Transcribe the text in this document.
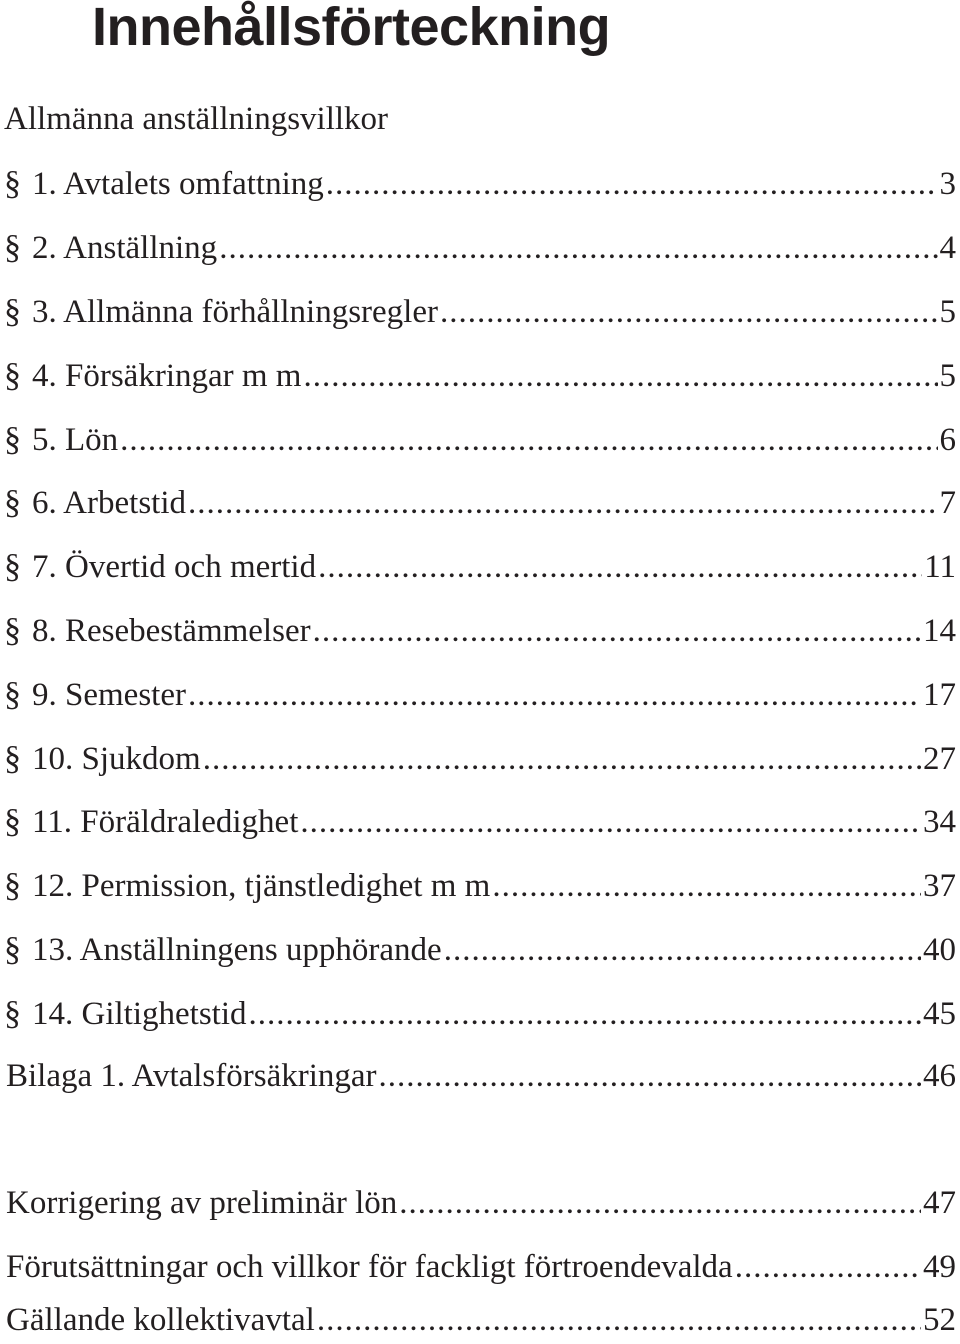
Innehållsförteckning
Allmänna anställningsvillkor
§ 1. Avtalets omfattning .....	3
§ 2. Anställning .....	4
§ 3. Allmänna förhållningsregler .....	5
§ 4. Försäkringar m m .....	5
§ 5. Lön .....	6
§ 6. Arbetstid .....	7
§ 7. Övertid och mertid .....	11
§ 8. Resebestämmelser .....	14
§ 9. Semester .....	17
§ 10. Sjukdom .....	27
§ 11. Föräldraledighet .....	34
§ 12. Permission, tjänstledighet m m .....	37
§ 13. Anställningens upphörande .....	40
§ 14. Giltighetstid .....	45
Bilaga 1. Avtalsförsäkringar .....	46
Korrigering av preliminär lön .....	47
Förutsättningar och villkor för fackligt förtroendevalda .....	49
Gällande kollektivavtal .....	52
